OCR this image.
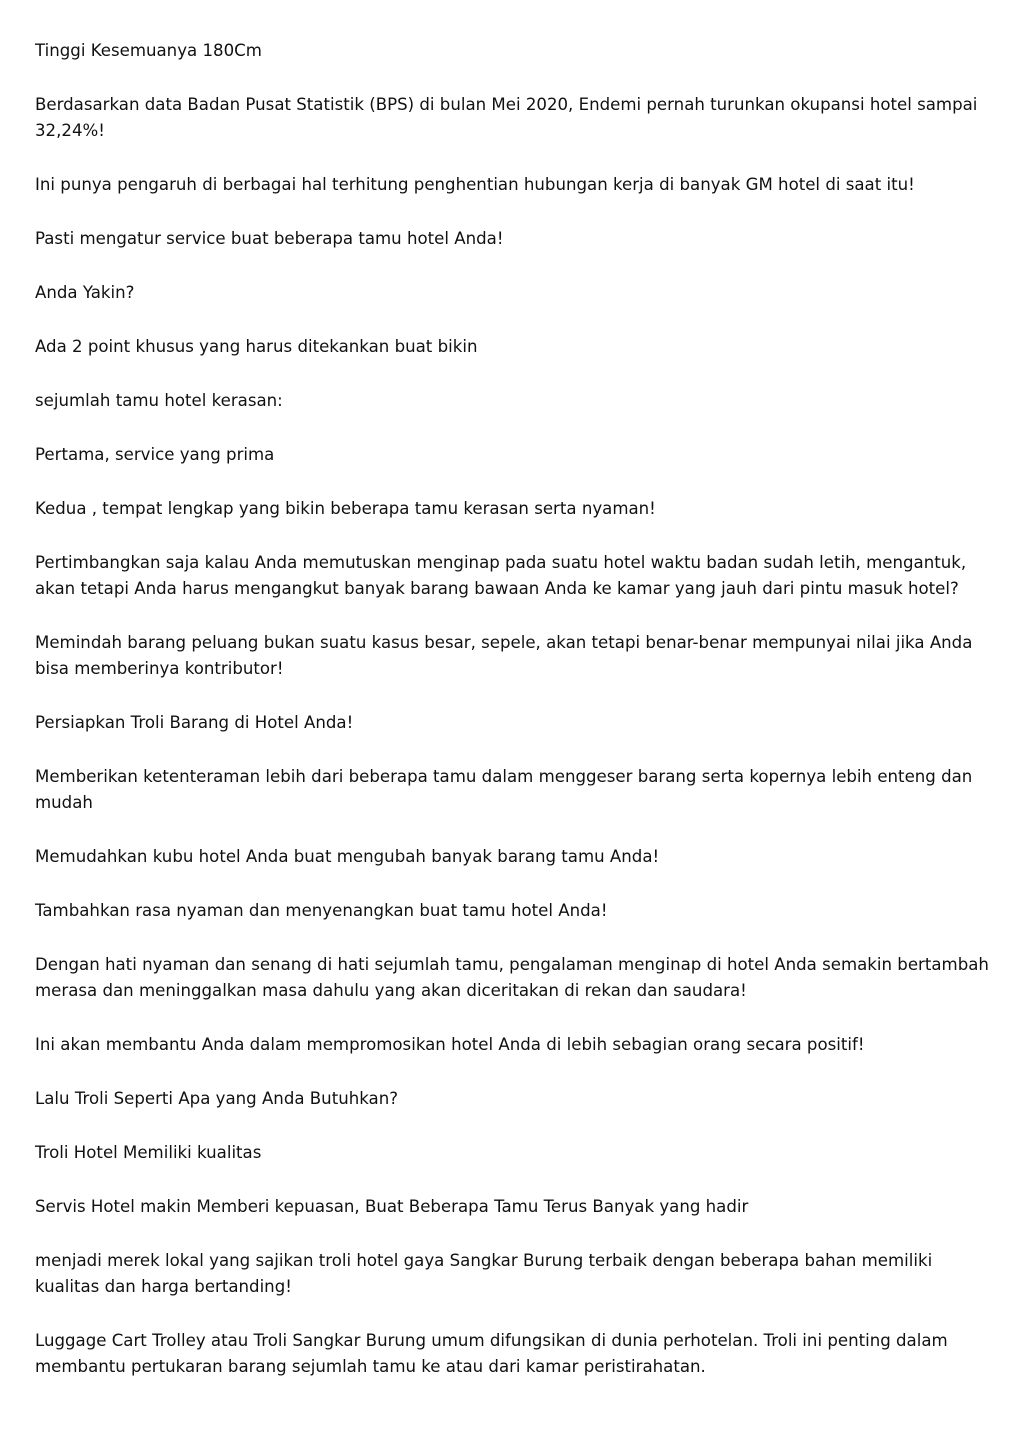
Tinggi Kesemuanya 180Cm

Berdasarkan data Badan Pusat Statistik (BPS) di bulan Mei 2020, Endemi pernah turunkan okupansi hotel sampai 32,24%!

Ini punya pengaruh di berbagai hal terhitung penghentian hubungan kerja di banyak GM hotel di saat itu!

Pasti mengatur service buat beberapa tamu hotel Anda!

Anda Yakin?

Ada 2 point khusus yang harus ditekankan buat bikin

sejumlah tamu hotel kerasan:

Pertama, service yang prima

Kedua , tempat lengkap yang bikin beberapa tamu kerasan serta nyaman!

Pertimbangkan saja kalau Anda memutuskan menginap pada suatu hotel waktu badan sudah letih, mengantuk, akan tetapi Anda harus mengangkut banyak barang bawaan Anda ke kamar yang jauh dari pintu masuk hotel?

Memindah barang peluang bukan suatu kasus besar, sepele, akan tetapi benar-benar mempunyai nilai jika Anda bisa memberinya kontributor!

Persiapkan Troli Barang di Hotel Anda!

Memberikan ketenteraman lebih dari beberapa tamu dalam menggeser barang serta kopernya lebih enteng dan mudah

Memudahkan kubu hotel Anda buat mengubah banyak barang tamu Anda!

Tambahkan rasa nyaman dan menyenangkan buat tamu hotel Anda!

Dengan hati nyaman dan senang di hati sejumlah tamu, pengalaman menginap di hotel Anda semakin bertambah merasa dan meninggalkan masa dahulu yang akan diceritakan di rekan dan saudara!

Ini akan membantu Anda dalam mempromosikan hotel Anda di lebih sebagian orang secara positif!

Lalu Troli Seperti Apa yang Anda Butuhkan?

Troli Hotel Memiliki kualitas

Servis Hotel makin Memberi kepuasan, Buat Beberapa Tamu Terus Banyak yang hadir

menjadi merek lokal yang sajikan troli hotel gaya Sangkar Burung terbaik dengan beberapa bahan memiliki kualitas dan harga bertanding!

Luggage Cart Trolley atau Troli Sangkar Burung umum difungsikan di dunia perhotelan. Troli ini penting dalam membantu pertukaran barang sejumlah tamu ke atau dari kamar peristirahatan.
